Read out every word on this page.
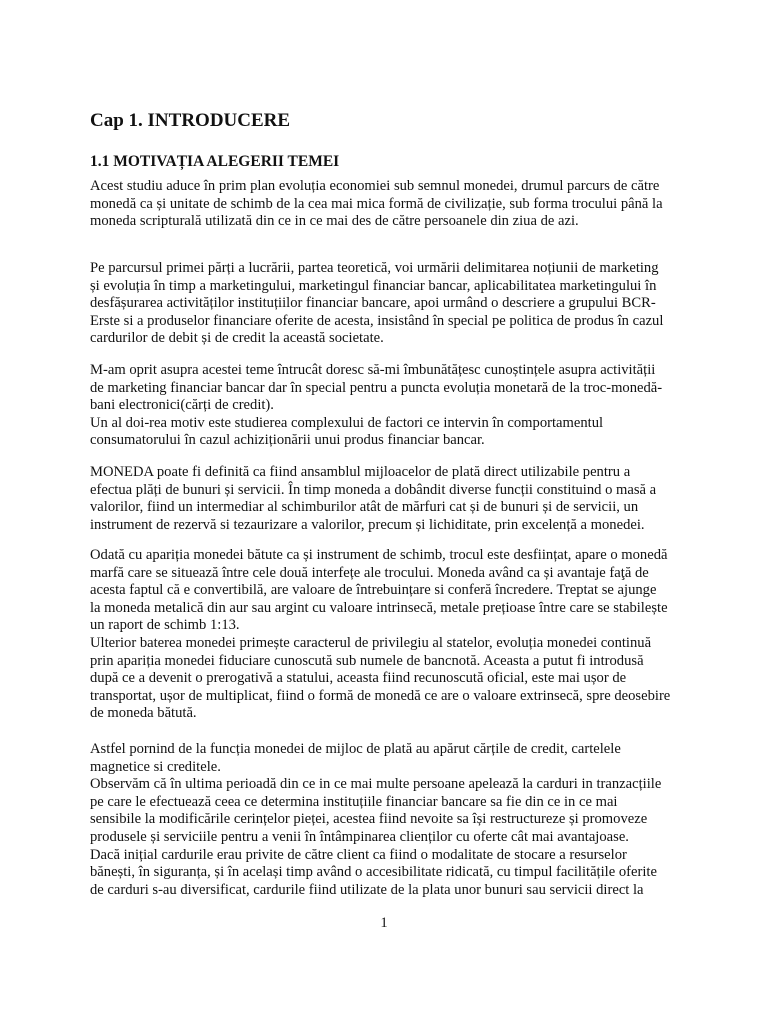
Cap 1. INTRODUCERE
1.1 MOTIVAȚIA ALEGERII TEMEI

Acest studiu aduce în prim plan evoluția economiei sub semnul monedei, drumul parcurs de către
monedă ca și unitate de schimb de la cea mai mica formă de civilizație, sub forma trocului până la
moneda scripturală utilizată din ce in ce mai des de către persoanele din ziua de azi.

Pe parcursul primei părți a lucrării, partea teoretică, voi urmării delimitarea noțiunii de marketing
și evoluția în timp a marketingului, marketingul financiar bancar, aplicabilitatea marketingului în
desfășurarea activităților instituțiilor financiar bancare, apoi urmând o descriere a grupului BCR-
Erste si a produselor financiare oferite de acesta, insistând în special pe politica de produs în cazul
cardurilor de debit și de credit la această societate.

M-am oprit asupra acestei teme întrucât doresc să-mi îmbunătățesc cunoștințele asupra activității
de marketing financiar bancar dar în special pentru a puncta evoluția monetară de la troc-monedă-
bani electronici(cărți de credit).
Un al doi-rea motiv este studierea complexului de factori ce intervin în comportamentul
consumatorului în cazul achiziționării unui produs financiar bancar.

MONEDA poate fi definită ca fiind ansamblul mijloacelor de plată direct utilizabile pentru a
efectua plăți de bunuri și servicii. În timp moneda a dobândit diverse funcții constituind o masă a
valorilor, fiind un intermediar al schimburilor atât de mărfuri cat și de bunuri și de servicii, un
instrument de rezervă si tezaurizare a valorilor, precum și lichiditate, prin excelență a monedei.

Odată cu apariția monedei bătute ca și instrument de schimb, trocul este desființat, apare o monedă
marfă care se situează între cele două interfețe ale trocului. Moneda având ca și avantaje faţă de
acesta faptul că e convertibilă, are valoare de întrebuințare si conferă încredere. Treptat se ajunge
la moneda metalică din aur sau argint cu valoare intrinsecă, metale prețioase între care se stabilește
un raport de schimb 1:13.
Ulterior baterea monedei primește caracterul de privilegiu al statelor, evoluția monedei continuă
prin apariția monedei fiduciare cunoscută sub numele de bancnotă. Aceasta a putut fi introdusă
după ce a devenit o prerogativă a statului, aceasta fiind recunoscută oficial, este mai ușor de
transportat, ușor de multiplicat, fiind o formă de monedă ce are o valoare extrinsecă, spre deosebire
de moneda bătută.

Astfel pornind de la funcția monedei de mijloc de plată au apărut cărțile de credit, cartelele
magnetice si creditele.
Observăm că în ultima perioadă din ce in ce mai multe persoane apelează la carduri in tranzacțiile
pe care le efectuează ceea ce determina instituțiile financiar bancare sa fie din ce in ce mai
sensibile la modificările cerințelor pieței, acestea fiind nevoite sa își restructureze și promoveze
produsele și serviciile pentru a venii în întâmpinarea clienților cu oferte cât mai avantajoase.
Dacă inițial cardurile erau privite de către client ca fiind o modalitate de stocare a resurselor
bănești, în siguranța, și în același timp având o accesibilitate ridicată, cu timpul facilitățile oferite
de carduri s-au diversificat, cardurile fiind utilizate de la plata unor bunuri sau servicii direct la

1
